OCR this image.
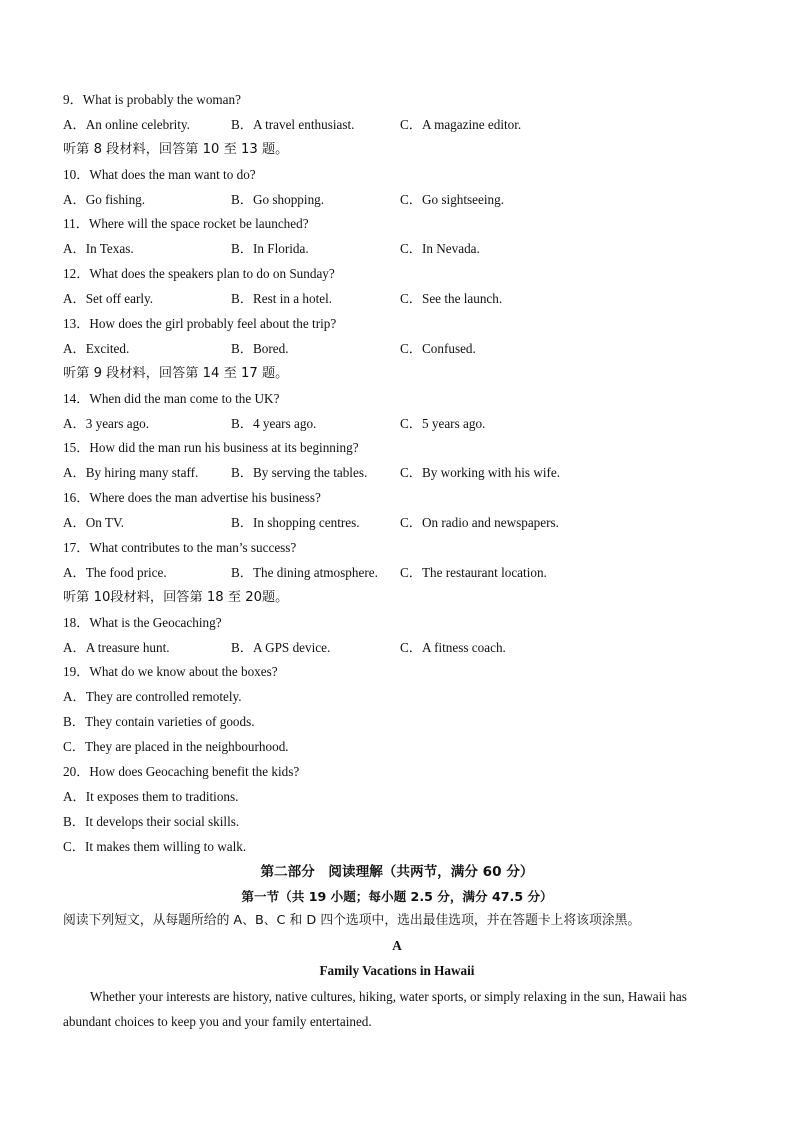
9．What is probably the woman?
A．An online celebrity.	B．A travel enthusiast.	C．A magazine editor.
听第 8 段材料，回答第 10 至 13 题。
10．What does the man want to do?
A．Go fishing.	B．Go shopping.	C．Go sightseeing.
11．Where will the space rocket be launched?
A．In Texas.	B．In Florida.	C．In Nevada.
12．What does the speakers plan to do on Sunday?
A．Set off early.	B．Rest in a hotel.	C．See the launch.
13．How does the girl probably feel about the trip?
A．Excited.	B．Bored.	C．Confused.
听第 9 段材料，回答第 14 至 17 题。
14．When did the man come to the UK?
A．3 years ago.	B．4 years ago.	C．5 years ago.
15．How did the man run his business at its beginning?
A．By hiring many staff. B．By serving the tables. C．By working with his wife.
16．Where does the man advertise his business?
A．On TV.	B．In shopping centres.	C．On radio and newspapers.
17．What contributes to the man’s success?
A．The food price.	B．The dining atmosphere. C．The restaurant location.
听第 10段材料，回答第 18 至 20题。
18．What is the Geocaching?
A．A treasure hunt.	B．A GPS device.	C．A fitness coach.
19．What do we know about the boxes?
A．They are controlled remotely.
B．They contain varieties of goods.
C．They are placed in the neighbourhood.
20．How does Geocaching benefit the kids?
A．It exposes them to traditions.
B．It develops their social skills.
C．It makes them willing to walk.
第二部分　阅读理解（共两节，满分 60 分）
第一节（共 19 小题；每小题 2.5 分，满分 47.5 分）
阅读下列短文，从每题所给的 A、B、C 和 D 四个选项中，选出最佳选项，并在答题卡上将该项涂黑。
A
Family Vacations in Hawaii
Whether your interests are history, native cultures, hiking, water sports, or simply relaxing in the sun, Hawaii has abundant choices to keep you and your family entertained.
